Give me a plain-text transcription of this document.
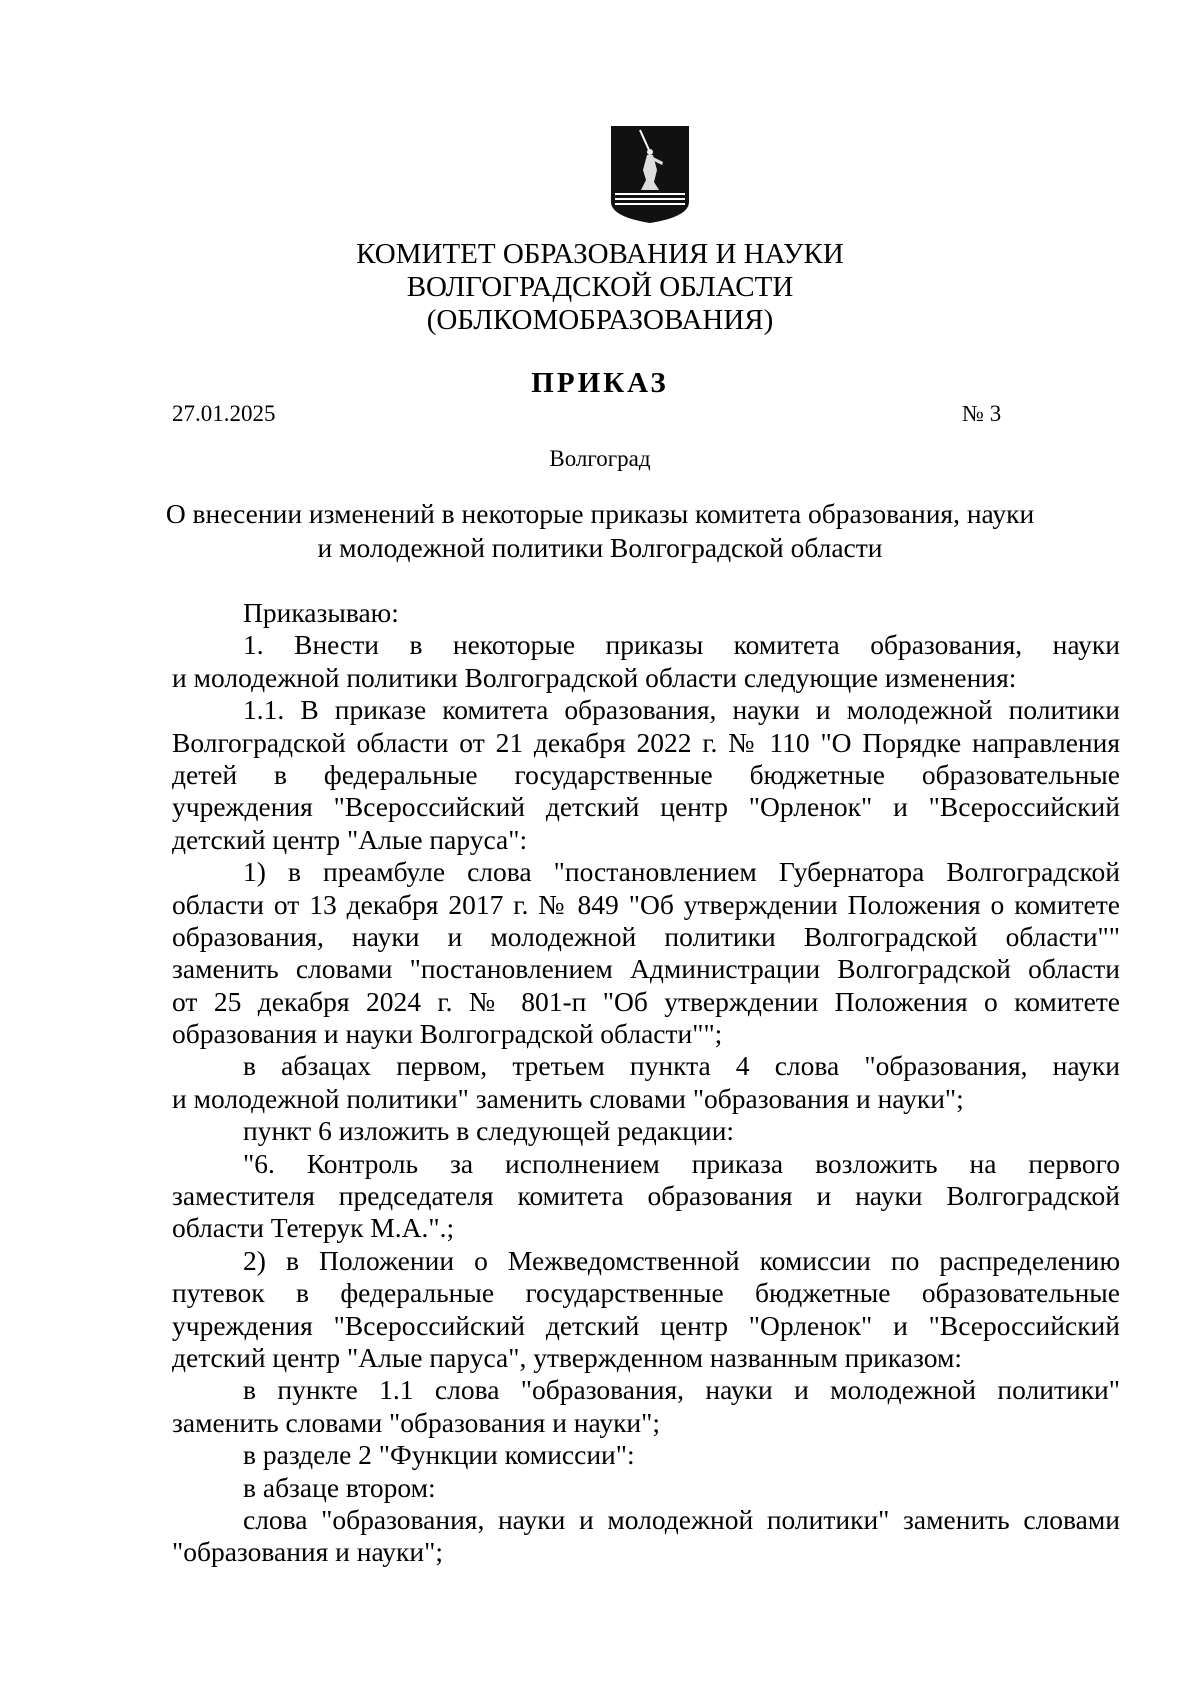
КОМИТЕТ ОБРАЗОВАНИЯ И НАУКИ
ВОЛГОГРАДСКОЙ ОБЛАСТИ
(ОБЛКОМОБРАЗОВАНИЯ)
ПРИКАЗ
27.01.2025	№ 3
Волгоград
О внесении изменений в некоторые приказы комитета образования, науки
и молодежной политики Волгоградской области
Приказываю:
1. Внести в некоторые приказы комитета образования, науки
и молодежной политики Волгоградской области следующие изменения:
1.1. В приказе комитета образования, науки и молодежной политики
Волгоградской области от 21 декабря 2022 г. № 110 "О Порядке направления
детей в федеральные государственные бюджетные образовательные
учреждения "Всероссийский детский центр "Орленок" и "Всероссийский
детский центр "Алые паруса":
1) в преамбуле слова "постановлением Губернатора Волгоградской
области от 13 декабря 2017 г. № 849 "Об утверждении Положения о комитете
образования, науки и молодежной политики Волгоградской области""
заменить словами "постановлением Администрации Волгоградской области
от 25 декабря 2024 г. № 801-п "Об утверждении Положения о комитете
образования и науки Волгоградской области"";
в абзацах первом, третьем пункта 4 слова "образования, науки
и молодежной политики" заменить словами "образования и науки";
пункт 6 изложить в следующей редакции:
"6. Контроль за исполнением приказа возложить на первого
заместителя председателя комитета образования и науки Волгоградской
области Тетерук М.А.".;
2) в Положении о Межведомственной комиссии по распределению
путевок в федеральные государственные бюджетные образовательные
учреждения "Всероссийский детский центр "Орленок" и "Всероссийский
детский центр "Алые паруса", утвержденном названным приказом:
в пункте 1.1 слова "образования, науки и молодежной политики"
заменить словами "образования и науки";
в разделе 2 "Функции комиссии":
в абзаце втором:
слова "образования, науки и молодежной политики" заменить словами
"образования и науки";
